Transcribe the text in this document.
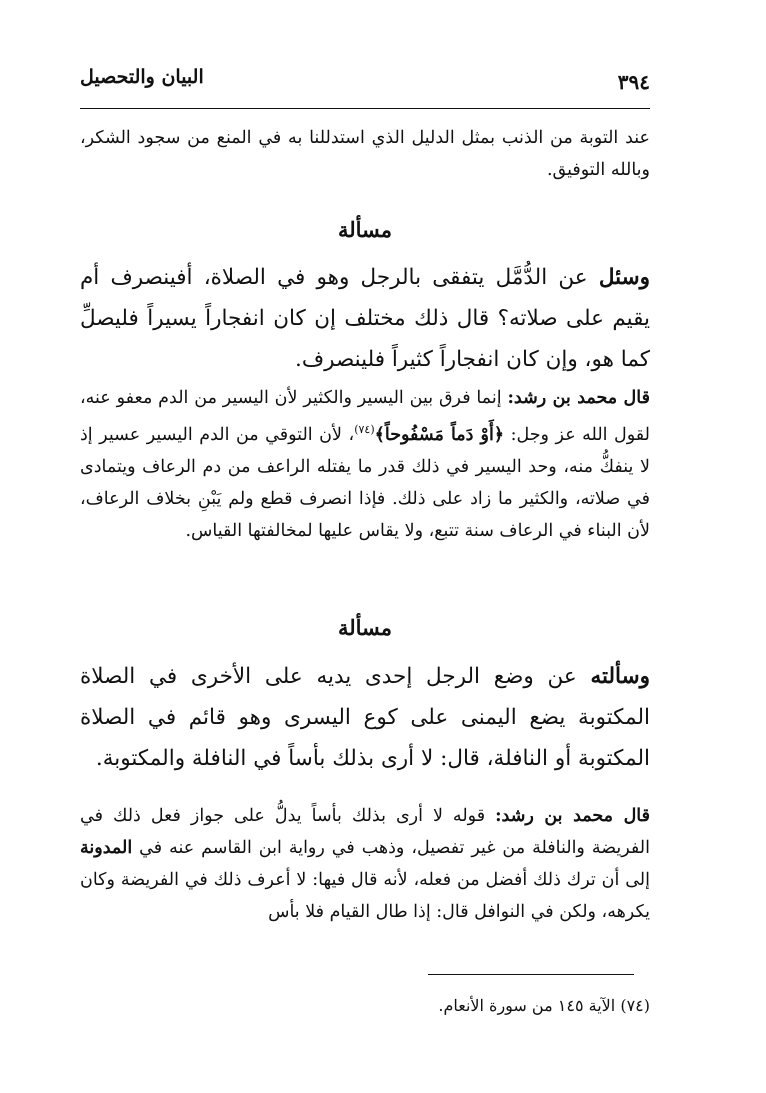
البيان والتحصيل	٣٩٤

عند التوبة من الذنب بمثل الدليل الذي استدللنا به في المنع من سجود الشكر، وبالله التوفيق.

مسألة

وسئل عن الدُّمَّل يتفقى بالرجل وهو في الصلاة، أفينصرف أم يقيم على صلاته؟ قال ذلك مختلف إن كان انفجاراً يسيراً فليصلِّ كما هو، وإن كان انفجاراً كثيراً فلينصرف.

قال محمد بن رشد: إنما فرق بين اليسير والكثير لأن اليسير من الدم معفو عنه، لقول الله عز وجل: ﴿أَوْ دَماً مَسْفُوحاً﴾$^{(٧٤)}$، لأن التوقي من الدم اليسير عسير إذ لا ينفكُّ منه، وحد اليسير في ذلك قدر ما يفتله الراعف من دم الرعاف ويتمادى في صلاته، والكثير ما زاد على ذلك. فإذا انصرف قطع ولم يَبْنِ بخلاف الرعاف، لأن البناء في الرعاف سنة تتبع، ولا يقاس عليها لمخالفتها القياس.

مسألة

وسألته عن وضع الرجل إحدى يديه على الأخرى في الصلاة المكتوبة يضع اليمنى على كوع اليسرى وهو قائم في الصلاة المكتوبة أو النافلة، قال: لا أرى بذلك بأساً في النافلة والمكتوبة.

قال محمد بن رشد: قوله لا أرى بذلك بأساً يدلُّ على جواز فعل ذلك في الفريضة والنافلة من غير تفصيل، وذهب في رواية ابن القاسم عنه في المدونة إلى أن ترك ذلك أفضل من فعله، لأنه قال فيها: لا أعرف ذلك في الفريضة وكان يكرهه، ولكن في النوافل قال: إذا طال القيام فلا بأس

(٧٤) الآية ١٤٥ من سورة الأنعام.
